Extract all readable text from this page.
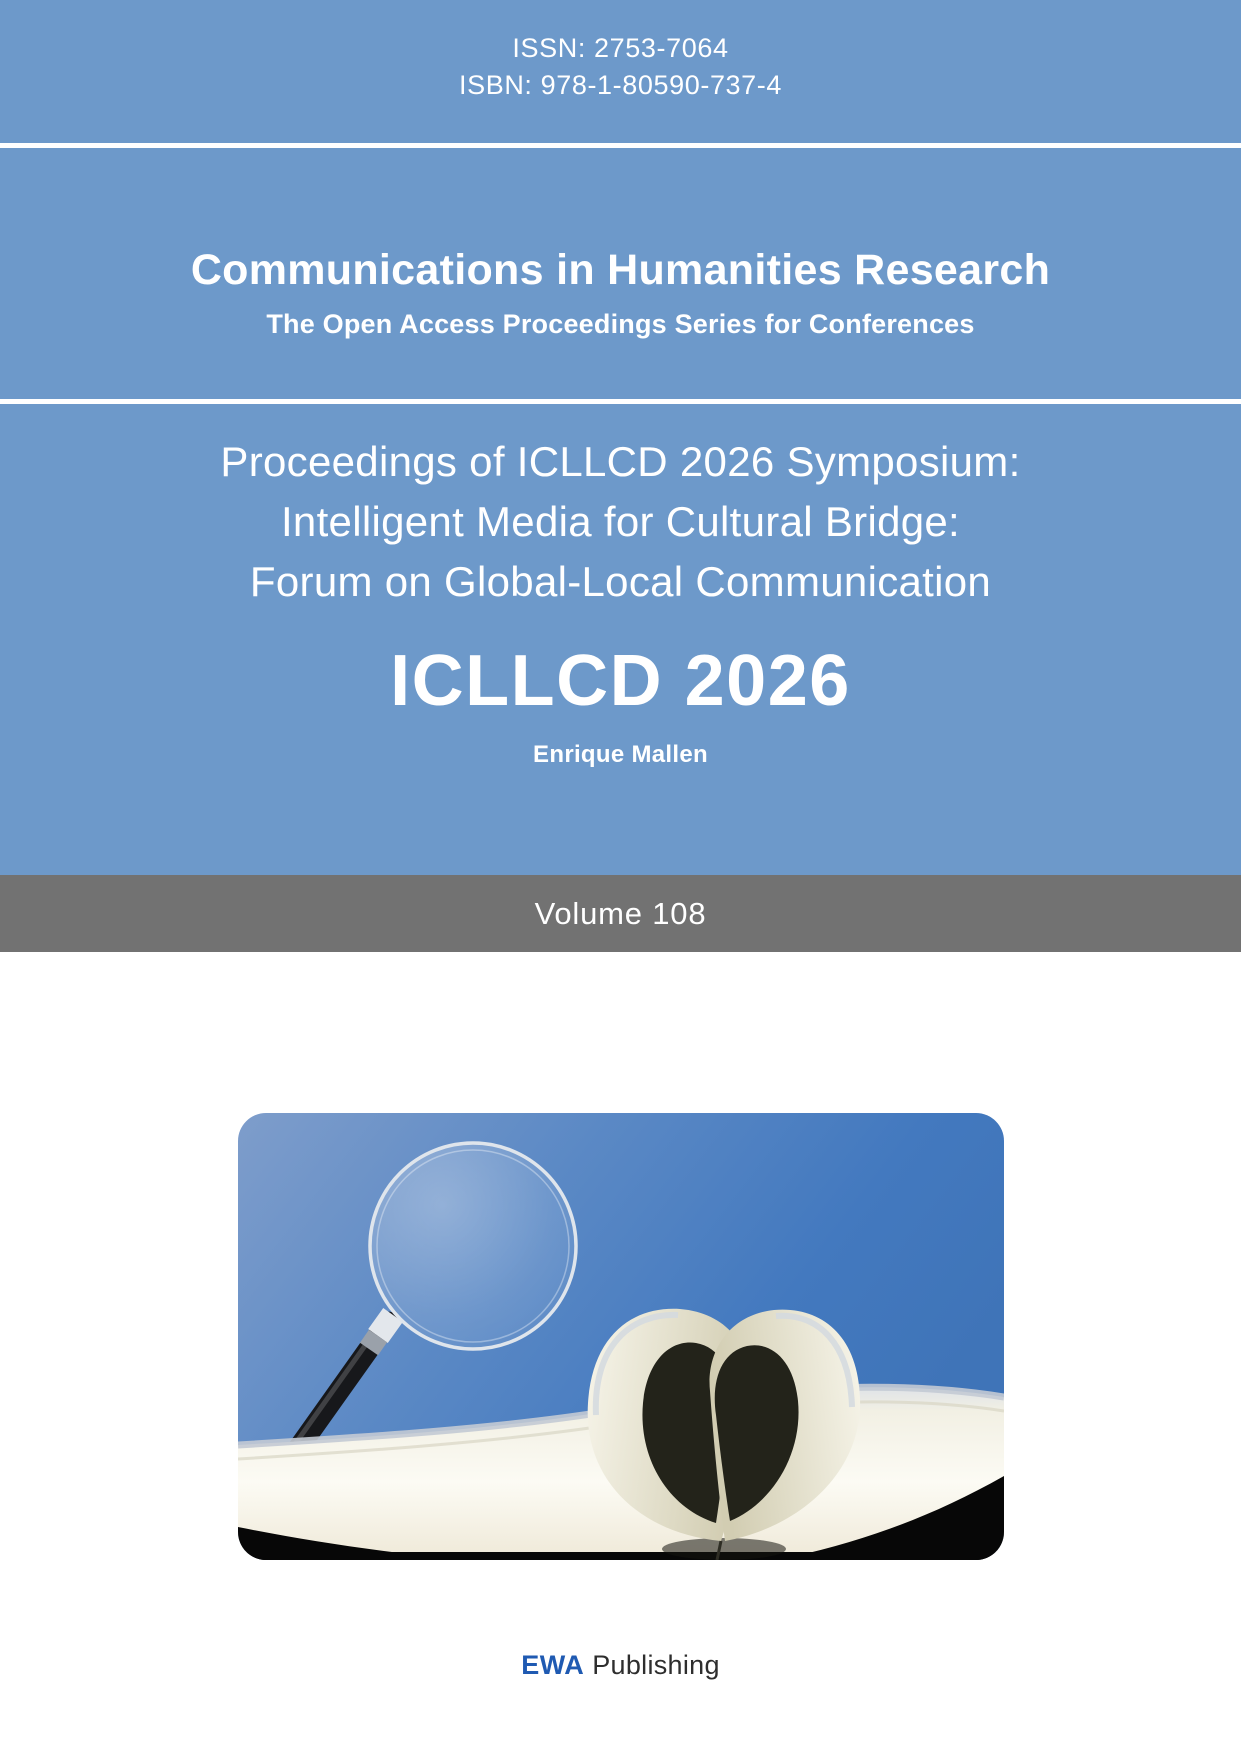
ISSN: 2753-7064
ISBN: 978-1-80590-737-4
Communications in Humanities Research
The Open Access Proceedings Series for Conferences
Proceedings of ICLLCD 2026 Symposium:
Intelligent Media for Cultural Bridge:
Forum on Global-Local Communication
ICLLCD 2026
Enrique Mallen
Volume 108
EWA Publishing
